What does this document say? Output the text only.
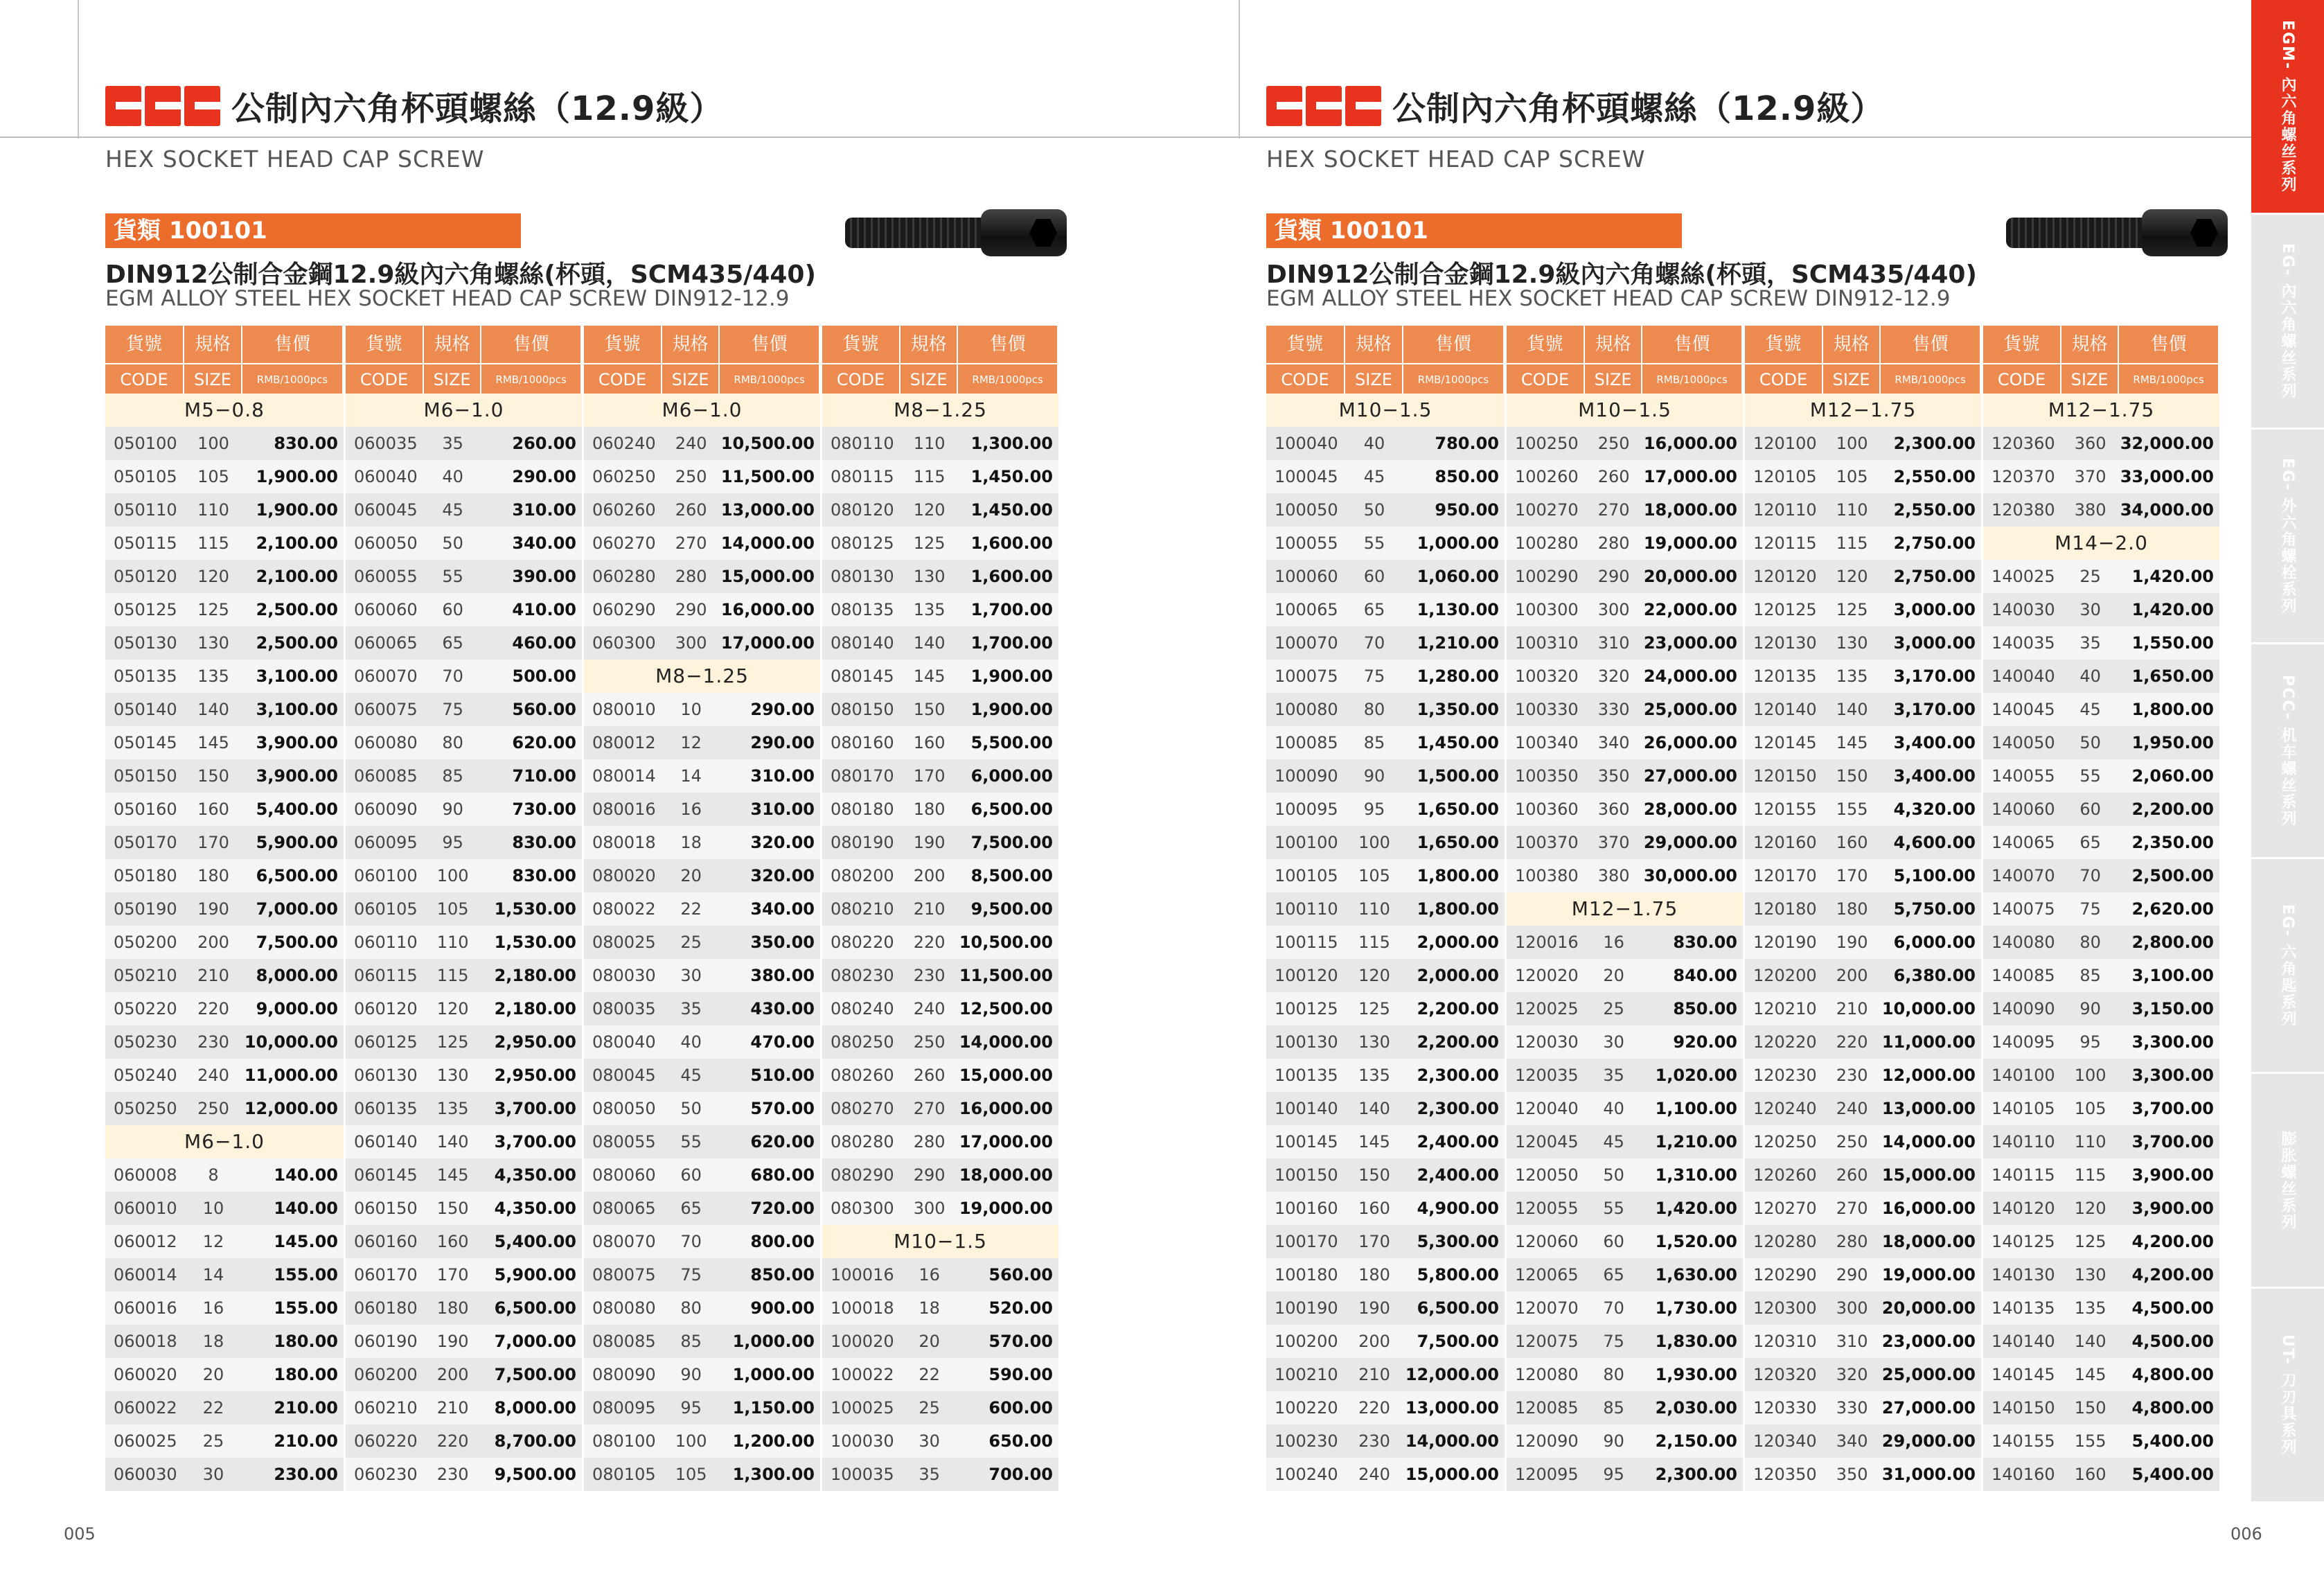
公制內六角杯頭螺絲（12.9級）
HEX SOCKET HEAD CAP SCREW
貨類 100101
DIN912公制合金鋼12.9級內六角螺絲(杯頭，SCM435/440)
EGM ALLOY STEEL HEX SOCKET HEAD CAP SCREW DIN912-12.9
貨號	規格	售價
CODE	SIZE	RMB/1000pcs
M5−0.8
050100	100	830.00
050105	105	1,900.00
050110	110	1,900.00
050115	115	2,100.00
050120	120	2,100.00
050125	125	2,500.00
050130	130	2,500.00
050135	135	3,100.00
050140	140	3,100.00
050145	145	3,900.00
050150	150	3,900.00
050160	160	5,400.00
050170	170	5,900.00
050180	180	6,500.00
050190	190	7,000.00
050200	200	7,500.00
050210	210	8,000.00
050220	220	9,000.00
050230	230 10,000.00
050240	240 11,000.00
050250	250 12,000.00
M6−1.0
060008	8	140.00
060010	10	140.00
060012	12	145.00
060014	14	155.00
060016	16	155.00
060018	18	180.00
060020	20	180.00
060022	22	210.00
060025	25	210.00
060030	30	230.00
貨號	規格	售價
CODE	SIZE	RMB/1000pcs
M6−1.0
060035	35	260.00
060040	40	290.00
060045	45	310.00
060050	50	340.00
060055	55	390.00
060060	60	410.00
060065	65	460.00
060070	70	500.00
060075	75	560.00
060080	80	620.00
060085	85	710.00
060090	90	730.00
060095	95	830.00
060100	100	830.00
060105	105	1,530.00
060110	110	1,530.00
060115	115	2,180.00
060120	120	2,180.00
060125	125	2,950.00
060130	130	2,950.00
060135	135	3,700.00
060140	140	3,700.00
060145	145	4,350.00
060150	150	4,350.00
060160	160	5,400.00
060170	170	5,900.00
060180	180	6,500.00
060190	190	7,000.00
060200	200	7,500.00
060210	210	8,000.00
060220	220	8,700.00
060230	230	9,500.00
貨號	規格	售價
CODE	SIZE	RMB/1000pcs
M6−1.0
060240	240 10,500.00
060250	250 11,500.00
060260	260 13,000.00
060270	270 14,000.00
060280	280 15,000.00
060290	290 16,000.00
060300	300 17,000.00
M8−1.25
080010	10	290.00
080012	12	290.00
080014	14	310.00
080016	16	310.00
080018	18	320.00
080020	20	320.00
080022	22	340.00
080025	25	350.00
080030	30	380.00
080035	35	430.00
080040	40	470.00
080045	45	510.00
080050	50	570.00
080055	55	620.00
080060	60	680.00
080065	65	720.00
080070	70	800.00
080075	75	850.00
080080	80	900.00
080085	85	1,000.00
080090	90	1,000.00
080095	95	1,150.00
080100	100	1,200.00
080105	105	1,300.00
貨號	規格	售價
CODE	SIZE	RMB/1000pcs
M8−1.25
080110	110	1,300.00
080115	115	1,450.00
080120	120	1,450.00
080125	125	1,600.00
080130	130	1,600.00
080135	135	1,700.00
080140	140	1,700.00
080145	145	1,900.00
080150	150	1,900.00
080160	160	5,500.00
080170	170	6,000.00
080180	180	6,500.00
080190	190	7,500.00
080200	200	8,500.00
080210	210	9,500.00
080220	220 10,500.00
080230	230 11,500.00
080240	240 12,500.00
080250	250 14,000.00
080260	260 15,000.00
080270	270 16,000.00
080280	280 17,000.00
080290	290 18,000.00
080300	300 19,000.00
M10−1.5
100016	16	560.00
100018	18	520.00
100020	20	570.00
100022	22	590.00
100025	25	600.00
100030	30	650.00
100035	35	700.00
005
公制內六角杯頭螺絲（12.9級）
HEX SOCKET HEAD CAP SCREW
貨類 100101
DIN912公制合金鋼12.9級內六角螺絲(杯頭，SCM435/440)
EGM ALLOY STEEL HEX SOCKET HEAD CAP SCREW DIN912-12.9
貨號	規格	售價
CODE	SIZE	RMB/1000pcs
M10−1.5
100040	40	780.00
100045	45	850.00
100050	50	950.00
100055	55	1,000.00
100060	60	1,060.00
100065	65	1,130.00
100070	70	1,210.00
100075	75	1,280.00
100080	80	1,350.00
100085	85	1,450.00
100090	90	1,500.00
100095	95	1,650.00
100100	100	1,650.00
100105	105	1,800.00
100110	110	1,800.00
100115	115	2,000.00
100120	120	2,000.00
100125	125	2,200.00
100130	130	2,200.00
100135	135	2,300.00
100140	140	2,300.00
100145	145	2,400.00
100150	150	2,400.00
100160	160	4,900.00
100170	170	5,300.00
100180	180	5,800.00
100190	190	6,500.00
100200	200	7,500.00
100210	210 12,000.00
100220	220 13,000.00
100230	230 14,000.00
100240	240 15,000.00
貨號	規格	售價
CODE	SIZE	RMB/1000pcs
M10−1.5
100250	250 16,000.00
100260	260 17,000.00
100270	270 18,000.00
100280	280 19,000.00
100290	290 20,000.00
100300	300 22,000.00
100310	310 23,000.00
100320	320 24,000.00
100330	330 25,000.00
100340	340 26,000.00
100350	350 27,000.00
100360	360 28,000.00
100370	370 29,000.00
100380	380 30,000.00
M12−1.75
120016	16	830.00
120020	20	840.00
120025	25	850.00
120030	30	920.00
120035	35	1,020.00
120040	40	1,100.00
120045	45	1,210.00
120050	50	1,310.00
120055	55	1,420.00
120060	60	1,520.00
120065	65	1,630.00
120070	70	1,730.00
120075	75	1,830.00
120080	80	1,930.00
120085	85	2,030.00
120090	90	2,150.00
120095	95	2,300.00
貨號	規格	售價
CODE	SIZE	RMB/1000pcs
M12−1.75
120100	100	2,300.00
120105	105	2,550.00
120110	110	2,550.00
120115	115	2,750.00
120120	120	2,750.00
120125	125	3,000.00
120130	130	3,000.00
120135	135	3,170.00
120140	140	3,170.00
120145	145	3,400.00
120150	150	3,400.00
120155	155	4,320.00
120160	160	4,600.00
120170	170	5,100.00
120180	180	5,750.00
120190	190	6,000.00
120200	200	6,380.00
120210	210 10,000.00
120220	220 11,000.00
120230	230 12,000.00
120240	240 13,000.00
120250	250 14,000.00
120260	260 15,000.00
120270	270 16,000.00
120280	280 18,000.00
120290	290 19,000.00
120300	300 20,000.00
120310	310 23,000.00
120320	320 25,000.00
120330	330 27,000.00
120340	340 29,000.00
120350	350 31,000.00
貨號	規格	售價
CODE	SIZE	RMB/1000pcs
M12−1.75
120360	360 32,000.00
120370	370 33,000.00
120380	380 34,000.00
M14−2.0
140025	25	1,420.00
140030	30	1,420.00
140035	35	1,550.00
140040	40	1,650.00
140045	45	1,800.00
140050	50	1,950.00
140055	55	2,060.00
140060	60	2,200.00
140065	65	2,350.00
140070	70	2,500.00
140075	75	2,620.00
140080	80	2,800.00
140085	85	3,100.00
140090	90	3,150.00
140095	95	3,300.00
140100	100	3,300.00
140105	105	3,700.00
140110	110	3,700.00
140115	115	3,900.00
140120	120	3,900.00
140125	125	4,200.00
140130	130	4,200.00
140135	135	4,500.00
140140	140	4,500.00
140145	145	4,800.00
140150	150	4,800.00
140155	155	5,400.00
140160	160	5,400.00
006
EGM- 內六角螺丝系列
EG- 內六角螺丝系列
EG- 外六角螺栓系列
PCC- 机车螺丝系列
EG- 六角匙系列
膨胀螺丝系列
UT- 刀刃具系列
